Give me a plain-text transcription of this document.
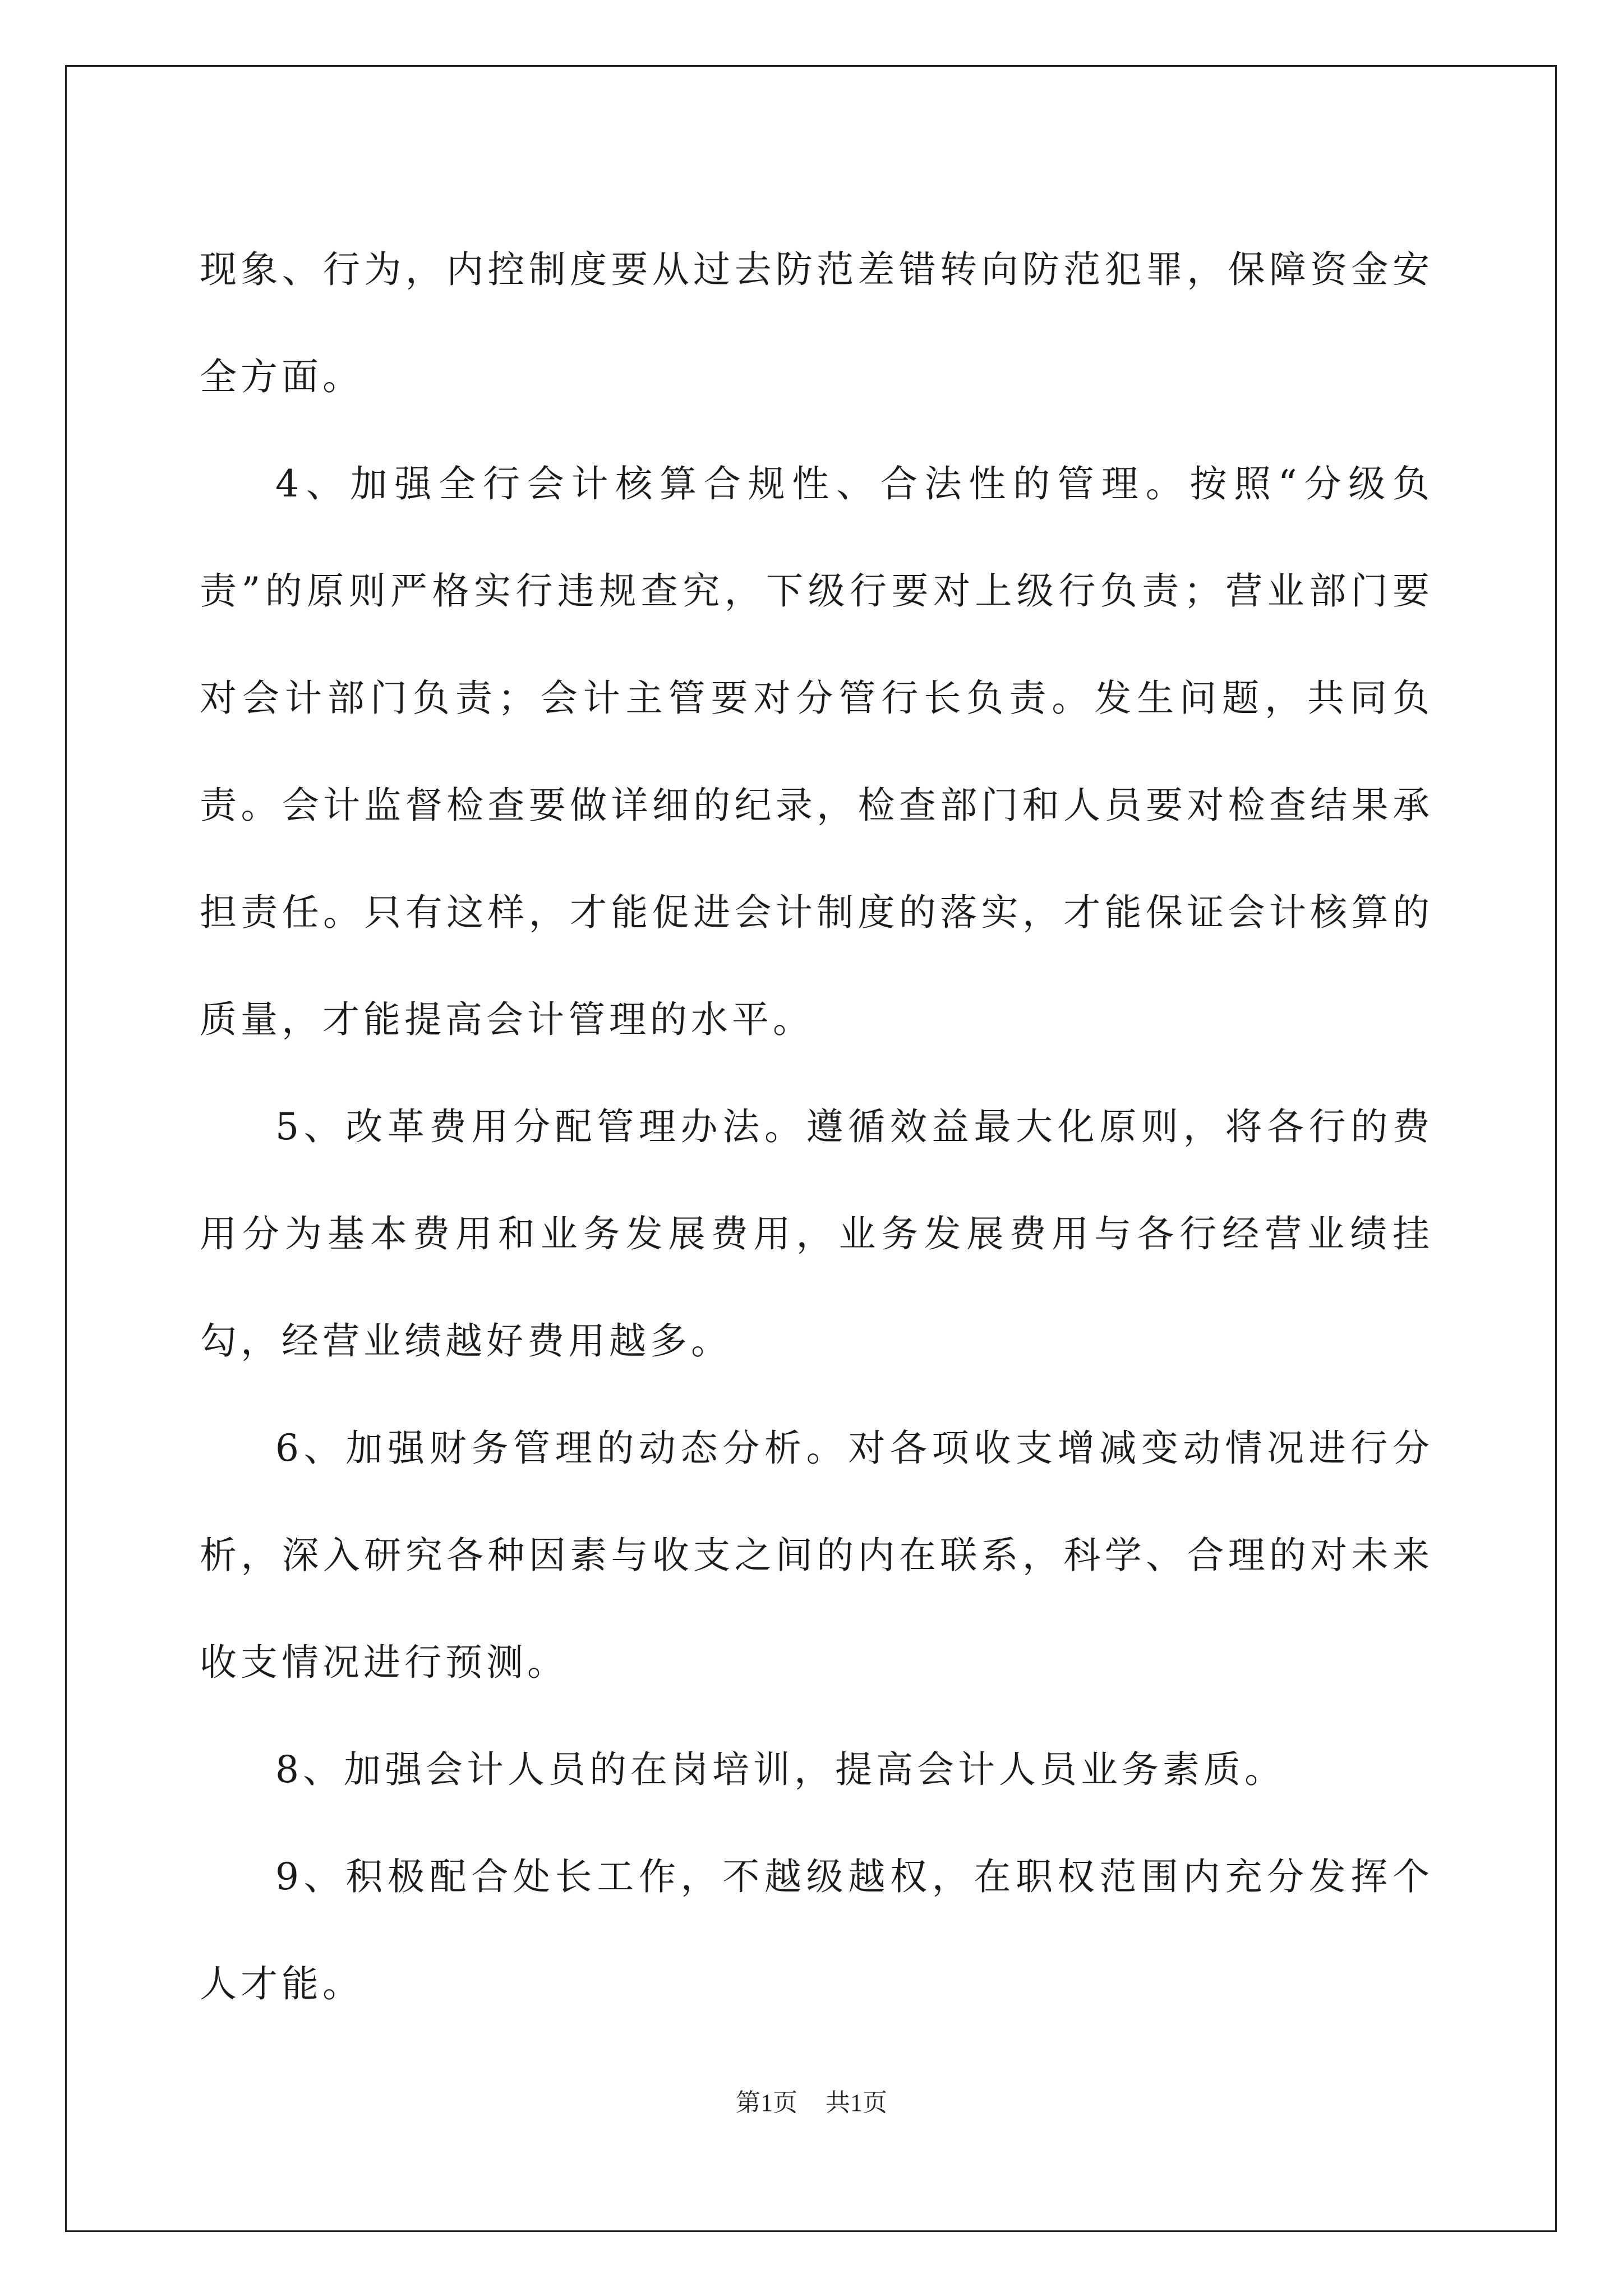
现象、行为，内控制度要从过去防范差错转向防范犯罪，保障资金安全方面。

4、加强全行会计核算合规性、合法性的管理。按照“分级负责”的原则严格实行违规查究，下级行要对上级行负责；营业部门要对会计部门负责；会计主管要对分管行长负责。发生问题，共同负责。会计监督检查要做详细的纪录，检查部门和人员要对检查结果承担责任。只有这样，才能促进会计制度的落实，才能保证会计核算的质量，才能提高会计管理的水平。

5、改革费用分配管理办法。遵循效益最大化原则，将各行的费用分为基本费用和业务发展费用，业务发展费用与各行经营业绩挂勾，经营业绩越好费用越多。

6、加强财务管理的动态分析。对各项收支增减变动情况进行分析，深入研究各种因素与收支之间的内在联系，科学、合理的对未来收支情况进行预测。

8、加强会计人员的在岗培训，提高会计人员业务素质。

9、积极配合处长工作，不越级越权，在职权范围内充分发挥个人才能。

第1页 共1页
